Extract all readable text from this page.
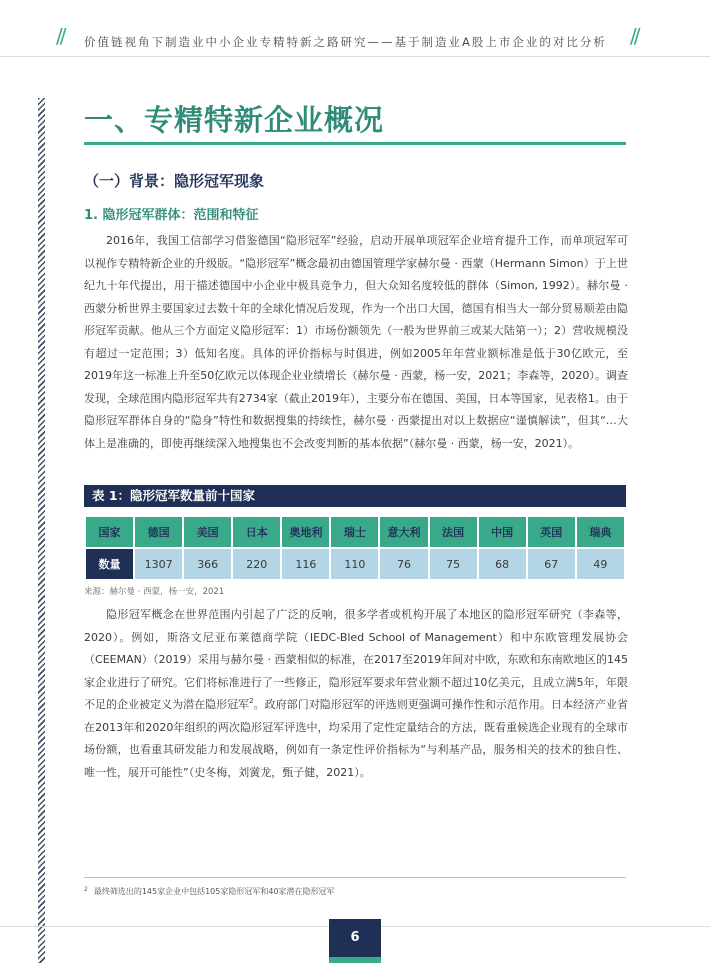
// 价值链视角下制造业中小企业专精特新之路研究——基于制造业A股上市企业的对比分析	//
一、专精特新企业概况
（一）背景：隐形冠军现象
1. 隐形冠军群体：范围和特征

2016年，我国工信部学习借鉴德国“隐形冠军”经验，启动开展单项冠军企业培育提升工作，而单项冠军可以视作专精特新企业的升级版。“隐形冠军”概念最初由德国管理学家赫尔曼 · 西蒙（Hermann Simon）于上世纪九十年代提出，用于描述德国中小企业中极具竞争力，但大众知名度较低的群体（Simon, 1992）。赫尔曼 · 西蒙分析世界主要国家过去数十年的全球化情况后发现，作为一个出口大国，德国有相当大一部分贸易顺差由隐形冠军贡献。他从三个方面定义隐形冠军：1）市场份额领先（一般为世界前三或某大陆第一）；2）营收规模没有超过一定范围；3）低知名度。具体的评价指标与时俱进，例如2005年年营业额标准是低于30亿欧元，至2019年这一标准上升至50亿欧元以体现企业业绩增长（赫尔曼 · 西蒙，杨一安，2021；李森等，2020）。调查发现，全球范围内隐形冠军共有2734家（截止2019年），主要分布在德国、美国，日本等国家，见表格1。由于隐形冠军群体自身的“隐身”特性和数据搜集的持续性，赫尔曼 · 西蒙提出对以上数据应“谨慎解读”，但其“…大体上是准确的，即使再继续深入地搜集也不会改变判断的基本依据”（赫尔曼 · 西蒙，杨一安，2021）。

表 1：隐形冠军数量前十国家
国家	德国	美国	日本	奥地利	瑞士	意大利	法国	中国	英国	瑞典
数量	1307	366	220	116	110	76	75	68	67	49
来源：赫尔曼 · 西蒙，杨一安，2021

隐形冠军概念在世界范围内引起了广泛的反响，很多学者或机构开展了本地区的隐形冠军研究（李森等，2020）。例如，斯洛文尼亚布莱德商学院（IEDC-Bled School of Management）和中东欧管理发展协会（CEEMAN）（2019）采用与赫尔曼 · 西蒙相似的标准，在2017至2019年间对中欧，东欧和东南欧地区的145家企业进行了研究。它们将标准进行了一些修正，隐形冠军要求年营业额不超过10亿美元，且成立满5年，年限不足的企业被定义为潜在隐形冠军$^2$。政府部门对隐形冠军的评选则更强调可操作性和示范作用。日本经济产业省在2013年和2020年组织的两次隐形冠军评选中，均采用了定性定量结合的方法，既看重候选企业现有的全球市场份额，也看重其研发能力和发展战略，例如有一条定性评价指标为“与利基产品，服务相关的技术的独自性、唯一性，展开可能性”（史冬梅，刘黉龙，甄子健，2021）。

$^2$ 最终筛选出的145家企业中包括105家隐形冠军和40家潜在隐形冠军
6
